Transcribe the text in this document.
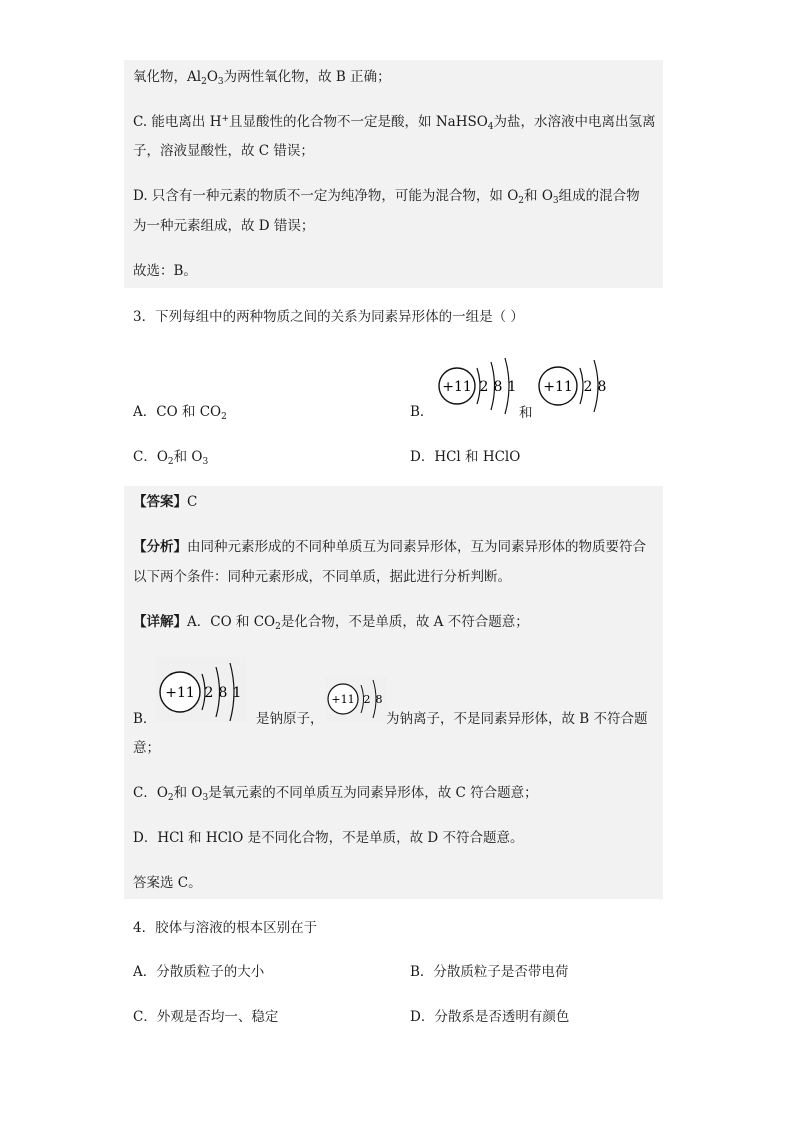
氧化物，$Al_2O_3$为两性氧化物，故 B 正确；
C. 能电离出 H+且显酸性的化合物不一定是酸，如 NaHSO$_4$为盐，水溶液中电离出氢离
子，溶液显酸性，故 C 错误；
D. 只含有一种元素的物质不一定为纯净物，可能为混合物，如 $O_2$和 $O_3$组成的混合物
为一种元素组成，故 D 错误；
故选：B。
3．下列每组中的两种物质之间的关系为同素异形体的一组是（ ）
A．CO 和 $CO_2$	B．
+11 2 8 1
和
+11 2 8
C．$O_2$和 $O_3$	D．HCl 和 HClO
【答案】C
【分析】由同种元素形成的不同种单质互为同素异形体，互为同素异形体的物质要符合
以下两个条件：同种元素形成，不同单质，据此进行分析判断。
【详解】A．CO 和 $CO_2$是化合物，不是单质，故 A 不符合题意；
B．
+11 2 8 1
是钠原子，
+11 2 8
为钠离子，不是同素异形体，故 B 不符合题
意；
C．$O_2$和 $O_3$是氧元素的不同单质互为同素异形体，故 C 符合题意；
D．HCl 和 HClO 是不同化合物，不是单质，故 D 不符合题意。
答案选 C。
4．胶体与溶液的根本区别在于
A．分散质粒子的大小	B．分散质粒子是否带电荷
C．外观是否均一、稳定	D．分散系是否透明有颜色
